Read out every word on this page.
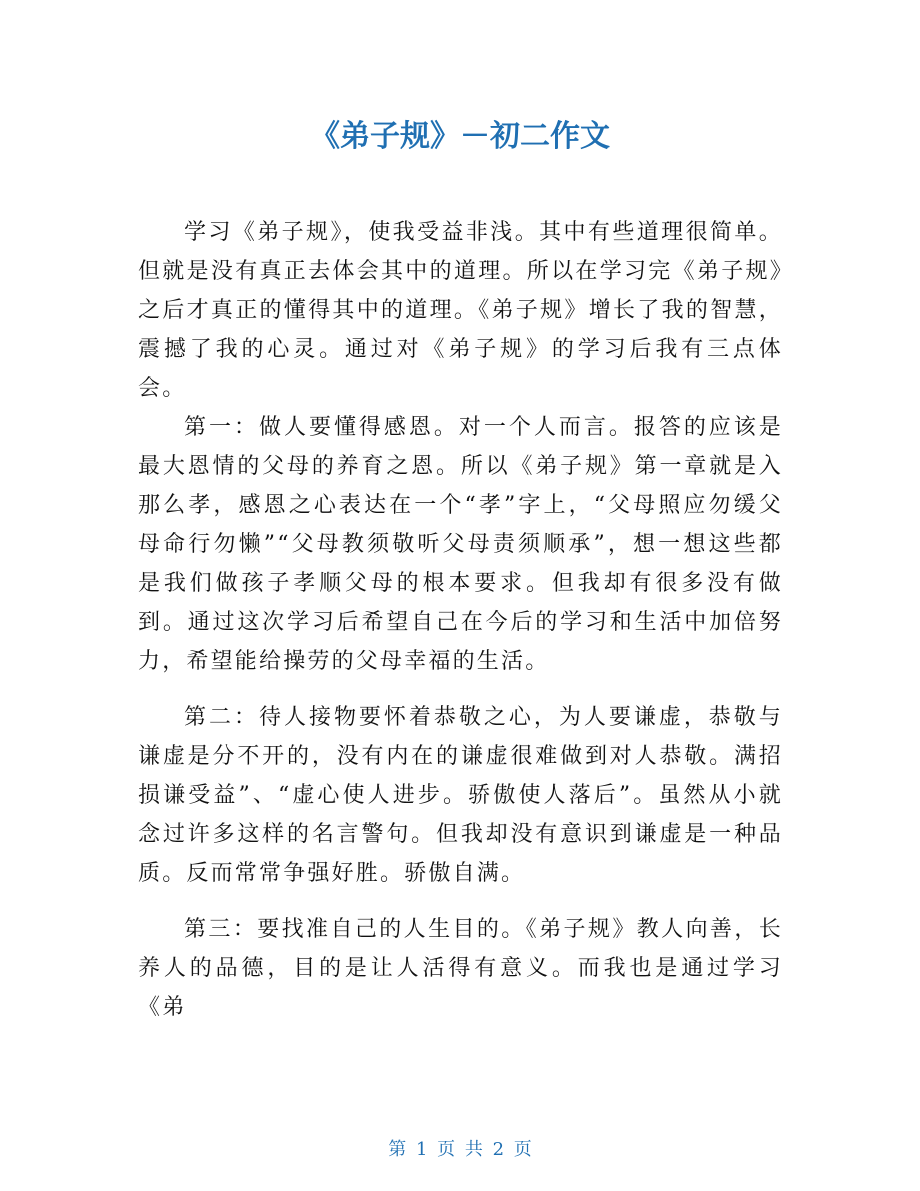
《弟子规》－初二作文

学习《弟子规》，使我受益非浅。其中有些道理很简单。但就是没有真正去体会其中的道理。所以在学习完《弟子规》之后才真正的懂得其中的道理。《弟子规》增长了我的智慧，震撼了我的心灵。通过对《弟子规》的学习后我有三点体会。

第一：做人要懂得感恩。对一个人而言。报答的应该是最大恩情的父母的养育之恩。所以《弟子规》第一章就是入那么孝，感恩之心表达在一个“孝”字上，“父母照应勿缓父母命行勿懒”“父母教须敬听父母责须顺承”，想一想这些都是我们做孩子孝顺父母的根本要求。但我却有很多没有做到。通过这次学习后希望自己在今后的学习和生活中加倍努力，希望能给操劳的父母幸福的生活。

第二：待人接物要怀着恭敬之心，为人要谦虚，恭敬与谦虚是分不开的，没有内在的谦虚很难做到对人恭敬。满招损谦受益”、“虚心使人进步。骄傲使人落后”。虽然从小就念过许多这样的名言警句。但我却没有意识到谦虚是一种品质。反而常常争强好胜。骄傲自满。

第三：要找准自己的人生目的。《弟子规》教人向善，长养人的品德，目的是让人活得有意义。而我也是通过学习《弟

第 1 页 共 2 页
